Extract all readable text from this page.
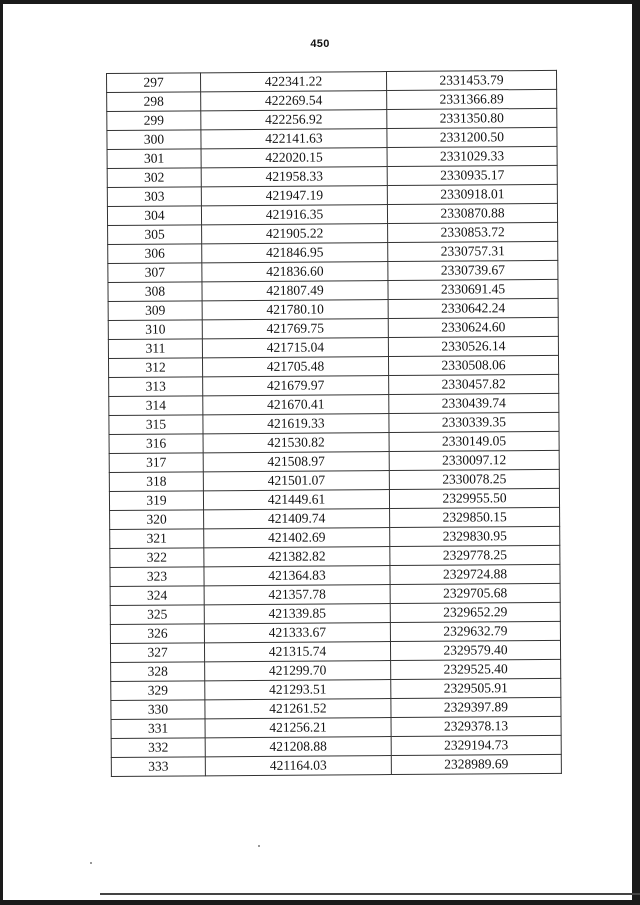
450
297	422341.22	2331453.79
298	422269.54	2331366.89
299	422256.92	2331350.80
300	422141.63	2331200.50
301	422020.15	2331029.33
302	421958.33	2330935.17
303	421947.19	2330918.01
304	421916.35	2330870.88
305	421905.22	2330853.72
306	421846.95	2330757.31
307	421836.60	2330739.67
308	421807.49	2330691.45
309	421780.10	2330642.24
310	421769.75	2330624.60
311	421715.04	2330526.14
312	421705.48	2330508.06
313	421679.97	2330457.82
314	421670.41	2330439.74
315	421619.33	2330339.35
316	421530.82	2330149.05
317	421508.97	2330097.12
318	421501.07	2330078.25
319	421449.61	2329955.50
320	421409.74	2329850.15
321	421402.69	2329830.95
322	421382.82	2329778.25
323	421364.83	2329724.88
324	421357.78	2329705.68
325	421339.85	2329652.29
326	421333.67	2329632.79
327	421315.74	2329579.40
328	421299.70	2329525.40
329	421293.51	2329505.91
330	421261.52	2329397.89
331	421256.21	2329378.13
332	421208.88	2329194.73
333	421164.03	2328989.69
